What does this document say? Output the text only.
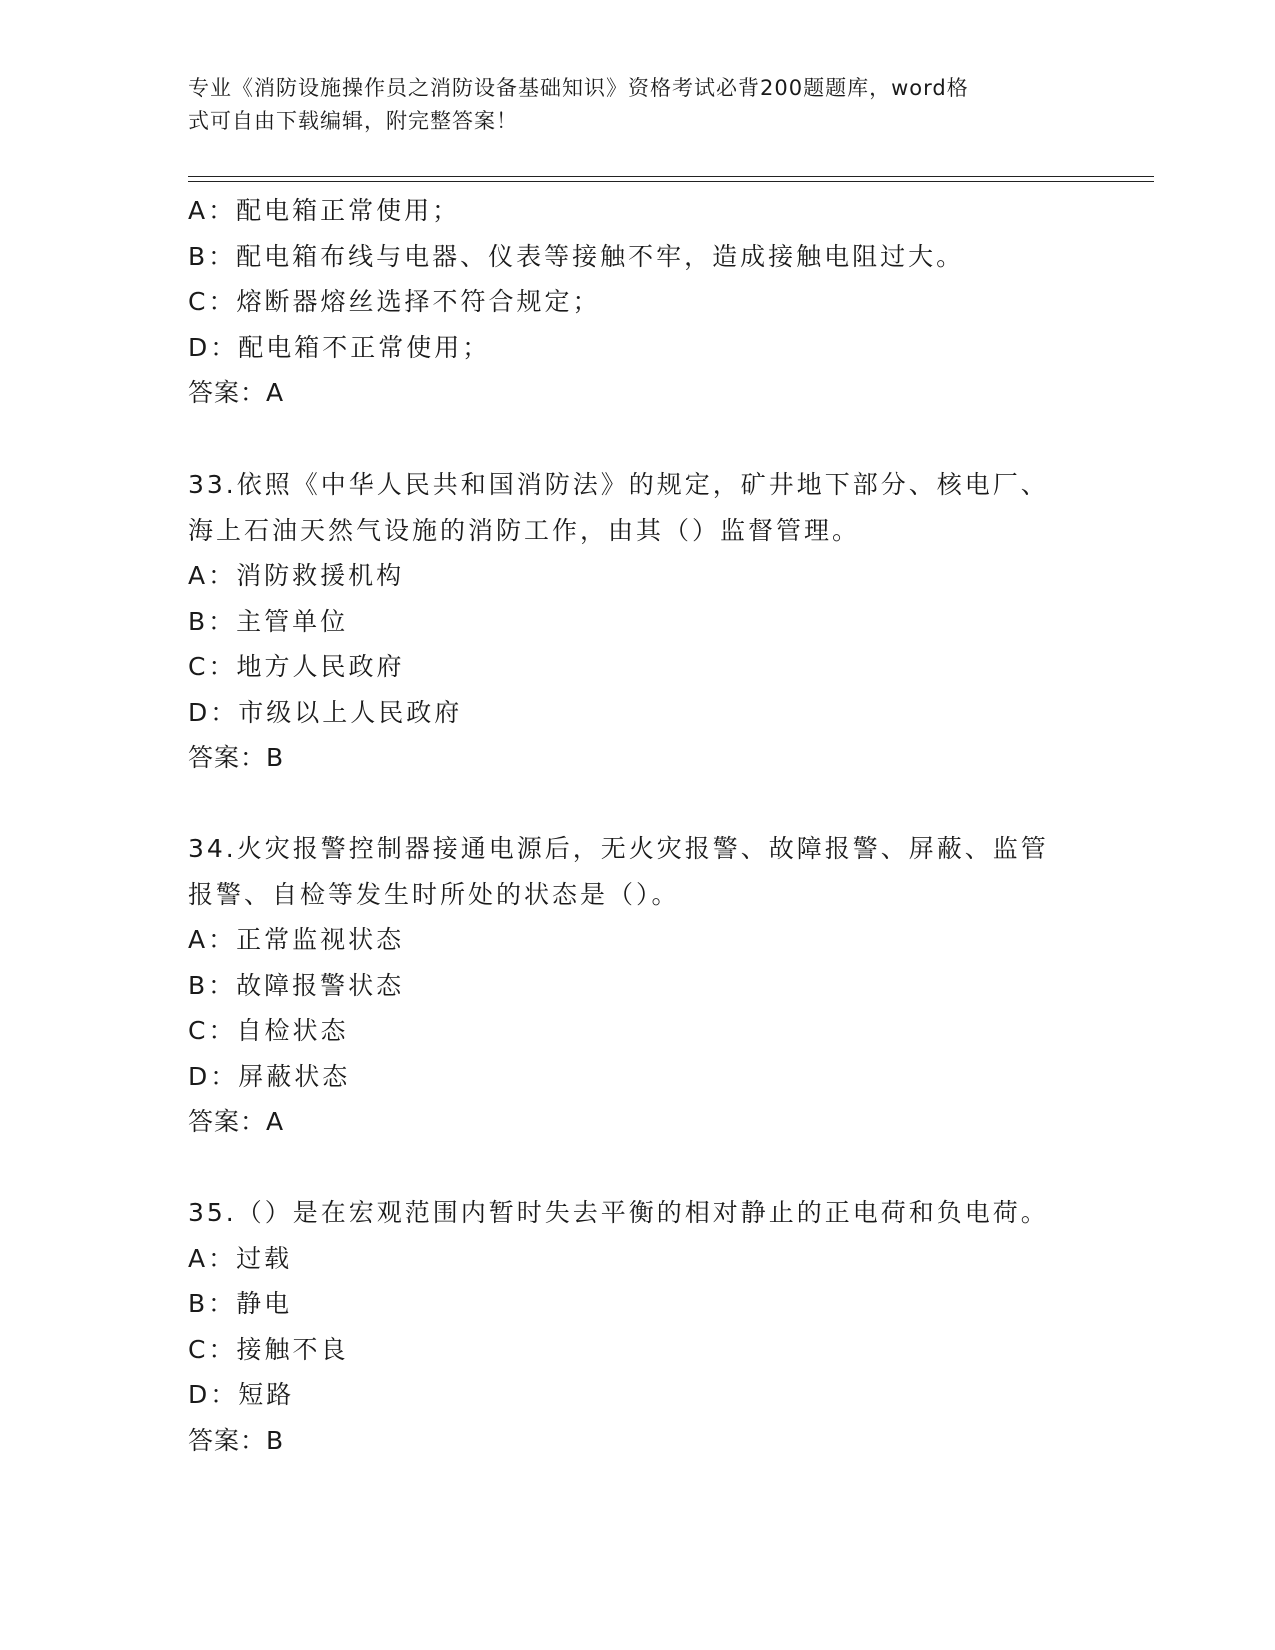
专业《消防设施操作员之消防设备基础知识》资格考试必背200题题库，word格
式可自由下载编辑，附完整答案！
A：配电箱正常使用；
B：配电箱布线与电器、仪表等接触不牢，造成接触电阻过大。
C：熔断器熔丝选择不符合规定；
D：配电箱不正常使用；
答案：A
33.依照《中华人民共和国消防法》的规定，矿井地下部分、核电厂、
海上石油天然气设施的消防工作，由其（）监督管理。
A：消防救援机构
B：主管单位
C：地方人民政府
D：市级以上人民政府
答案：B
34.火灾报警控制器接通电源后，无火灾报警、故障报警、屏蔽、监管
报警、自检等发生时所处的状态是（）。
A：正常监视状态
B：故障报警状态
C：自检状态
D：屏蔽状态
答案：A
35.（）是在宏观范围内暂时失去平衡的相对静止的正电荷和负电荷。
A：过载
B：静电
C：接触不良
D：短路
答案：B
